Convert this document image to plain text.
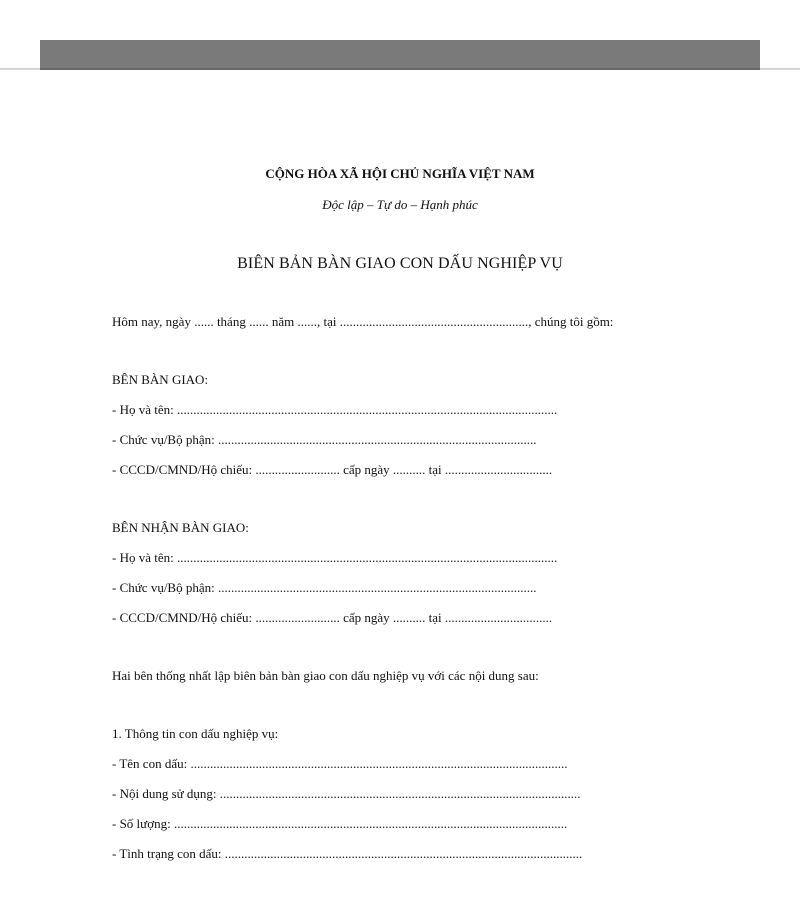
CỘNG HÒA XÃ HỘI CHỦ NGHĨA VIỆT NAM
Độc lập – Tự do – Hạnh phúc
BIÊN BẢN BÀN GIAO CON DẤU NGHIỆP VỤ
Hôm nay, ngày ...... tháng ...... năm ......, tại .........................................................., chúng tôi gồm:
BÊN BÀN GIAO:
- Họ và tên: .....................................................................................................................
- Chức vụ/Bộ phận: ..................................................................................................
- CCCD/CMND/Hộ chiếu: .......................... cấp ngày .......... tại .................................
BÊN NHẬN BÀN GIAO:
- Họ và tên: .....................................................................................................................
- Chức vụ/Bộ phận: ..................................................................................................
- CCCD/CMND/Hộ chiếu: .......................... cấp ngày .......... tại .................................
Hai bên thống nhất lập biên bản bàn giao con dấu nghiệp vụ với các nội dung sau:
1. Thông tin con dấu nghiệp vụ:
- Tên con dấu: ....................................................................................................................
- Nội dung sử dụng: ...............................................................................................................
- Số lượng: .........................................................................................................................
- Tình trạng con dấu: ..............................................................................................................
